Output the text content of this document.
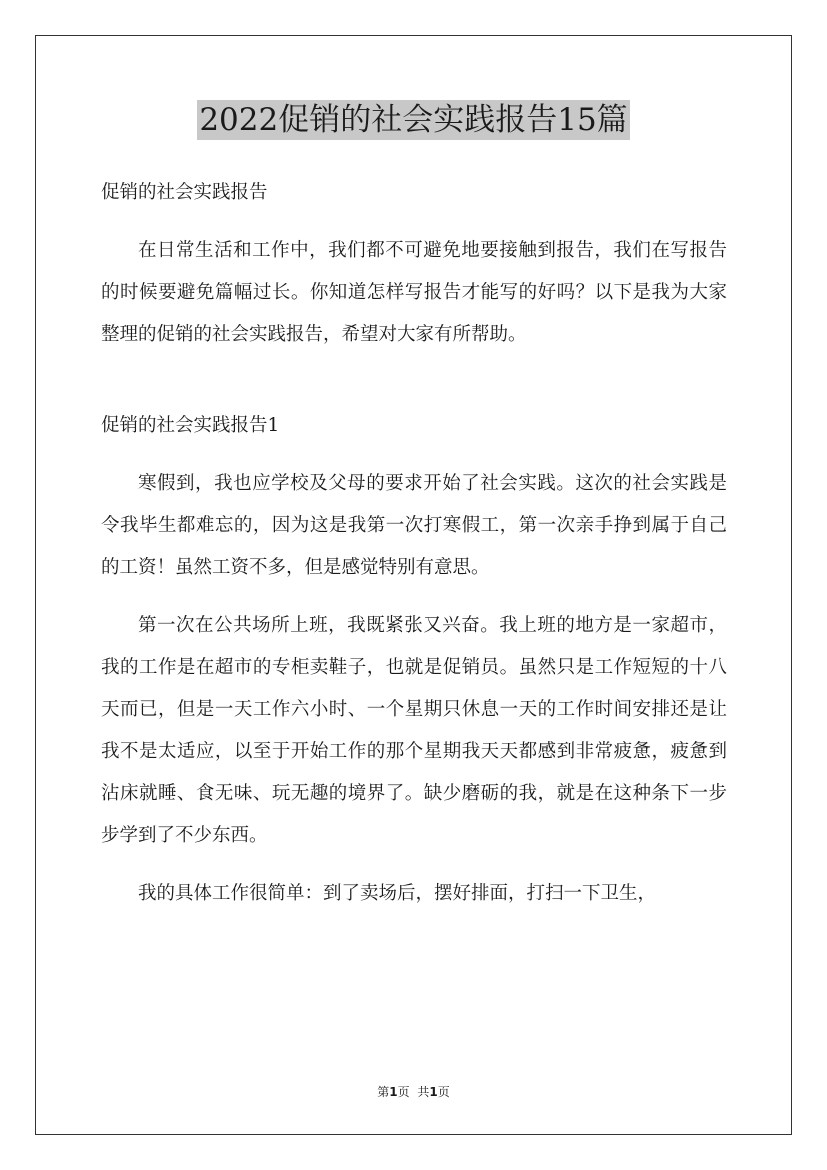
2022促销的社会实践报告15篇

促销的社会实践报告

在日常生活和工作中，我们都不可避免地要接触到报告，我们在写报告的时候要避免篇幅过长。你知道怎样写报告才能写的好吗？以下是我为大家整理的促销的社会实践报告，希望对大家有所帮助。

促销的社会实践报告1

寒假到，我也应学校及父母的要求开始了社会实践。这次的社会实践是令我毕生都难忘的，因为这是我第一次打寒假工，第一次亲手挣到属于自己的工资！虽然工资不多，但是感觉特别有意思。

第一次在公共场所上班，我既紧张又兴奋。我上班的地方是一家超市，我的工作是在超市的专柜卖鞋子，也就是促销员。虽然只是工作短短的十八天而已，但是一天工作六小时、一个星期只休息一天的工作时间安排还是让我不是太适应，以至于开始工作的那个星期我天天都感到非常疲惫，疲惫到沾床就睡、食无味、玩无趣的境界了。缺少磨砺的我，就是在这种条下一步步学到了不少东西。

我的具体工作很简单：到了卖场后，摆好排面，打扫一下卫生，

第1页 共1页
